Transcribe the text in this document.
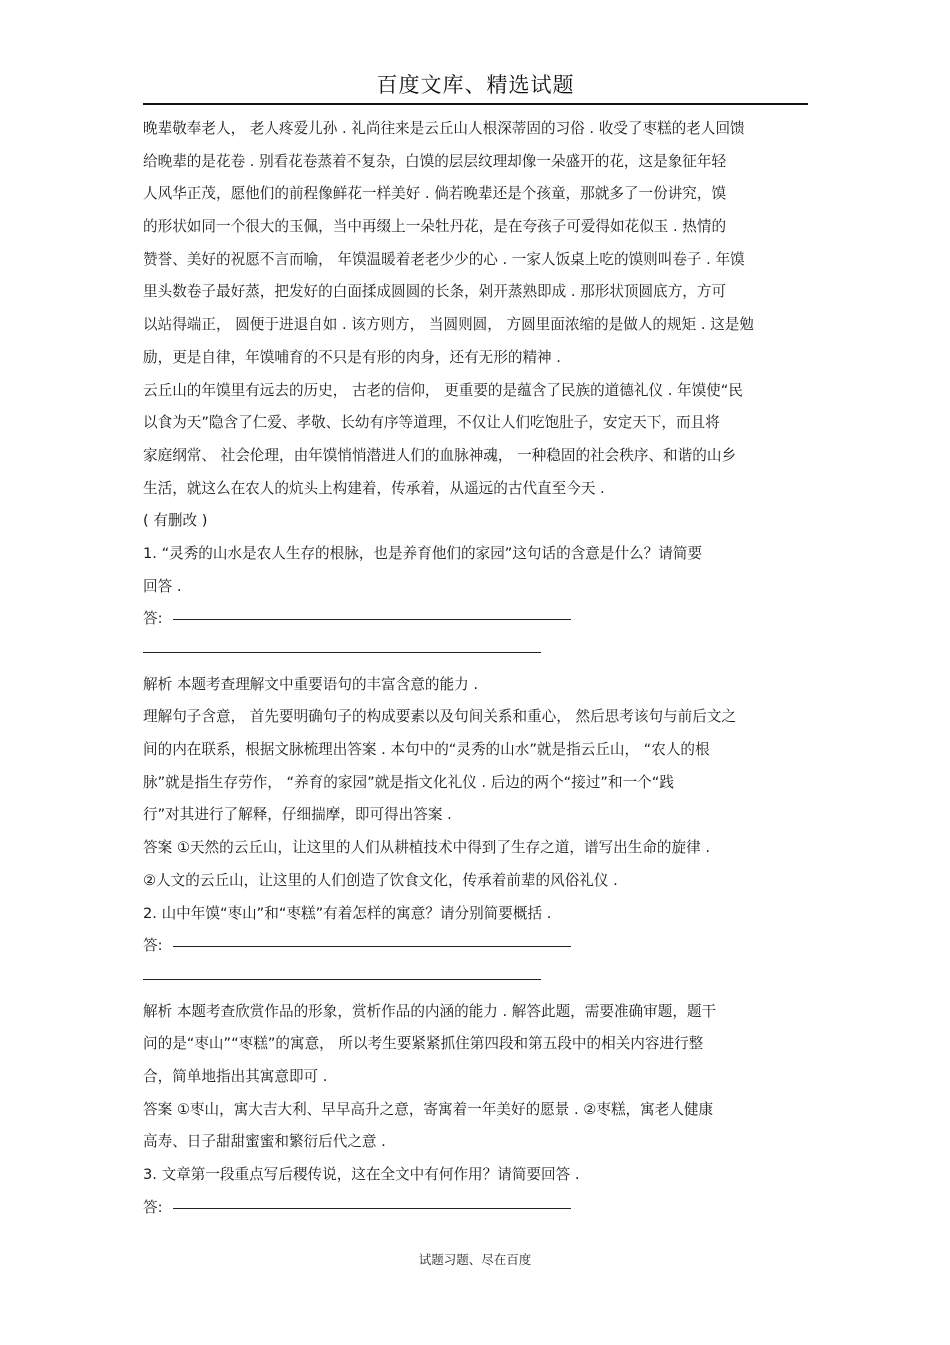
百度文库、精选试题
晚辈敬奉老人， 老人疼爱儿孙 . 礼尚往来是云丘山人根深蒂固的习俗 . 收受了枣糕的老人回馈
给晚辈的是花卷 . 别看花卷蒸着不复杂，白馍的层层纹理却像一朵盛开的花，这是象征年轻
人风华正茂，愿他们的前程像鲜花一样美好 . 倘若晚辈还是个孩童，那就多了一份讲究，馍
的形状如同一个很大的玉佩，当中再缀上一朵牡丹花，是在夸孩子可爱得如花似玉 . 热情的
赞誉、美好的祝愿不言而喻， 年馍温暖着老老少少的心 . 一家人饭桌上吃的馍则叫卷子 . 年馍
里头数卷子最好蒸，把发好的白面揉成圆圆的长条，剁开蒸熟即成 . 那形状顶圆底方，方可
以站得端正， 圆便于进退自如 . 该方则方， 当圆则圆， 方圆里面浓缩的是做人的规矩 . 这是勉
励，更是自律，年馍哺育的不只是有形的肉身，还有无形的精神 .
云丘山的年馍里有远去的历史， 古老的信仰， 更重要的是蕴含了民族的道德礼仪 . 年馍使“民
以食为天”隐含了仁爱、孝敬、长幼有序等道理，不仅让人们吃饱肚子，安定天下，而且将
家庭纲常、 社会伦理，由年馍悄悄潜进人们的血脉神魂， 一种稳固的社会秩序、和谐的山乡
生活，就这么在农人的炕头上构建着，传承着，从遥远的古代直至今天 .
( 有删改 )
1. “灵秀的山水是农人生存的根脉，也是养育他们的家园”这句话的含意是什么？请简要
回答 .
答:
解析 本题考查理解文中重要语句的丰富含意的能力 .
理解句子含意， 首先要明确句子的构成要素以及句间关系和重心， 然后思考该句与前后文之
间的内在联系，根据文脉梳理出答案 . 本句中的“灵秀的山水”就是指云丘山， “农人的根
脉”就是指生存劳作， “养育的家园”就是指文化礼仪 . 后边的两个“接过”和一个“践
行”对其进行了解释，仔细揣摩，即可得出答案 .
答案 ①天然的云丘山，让这里的人们从耕植技术中得到了生存之道，谱写出生命的旋律 .
②人文的云丘山，让这里的人们创造了饮食文化，传承着前辈的风俗礼仪 .
2. 山中年馍“枣山”和“枣糕”有着怎样的寓意？请分别简要概括 .
答:
解析 本题考查欣赏作品的形象，赏析作品的内涵的能力 . 解答此题，需要准确审题，题干
问的是“枣山”“枣糕”的寓意， 所以考生要紧紧抓住第四段和第五段中的相关内容进行整
合，简单地指出其寓意即可 .
答案 ①枣山，寓大吉大利、早早高升之意，寄寓着一年美好的愿景 . ②枣糕，寓老人健康
高寿、日子甜甜蜜蜜和繁衍后代之意 .
3. 文章第一段重点写后稷传说，这在全文中有何作用？请简要回答 .
答:
试题习题、尽在百度
